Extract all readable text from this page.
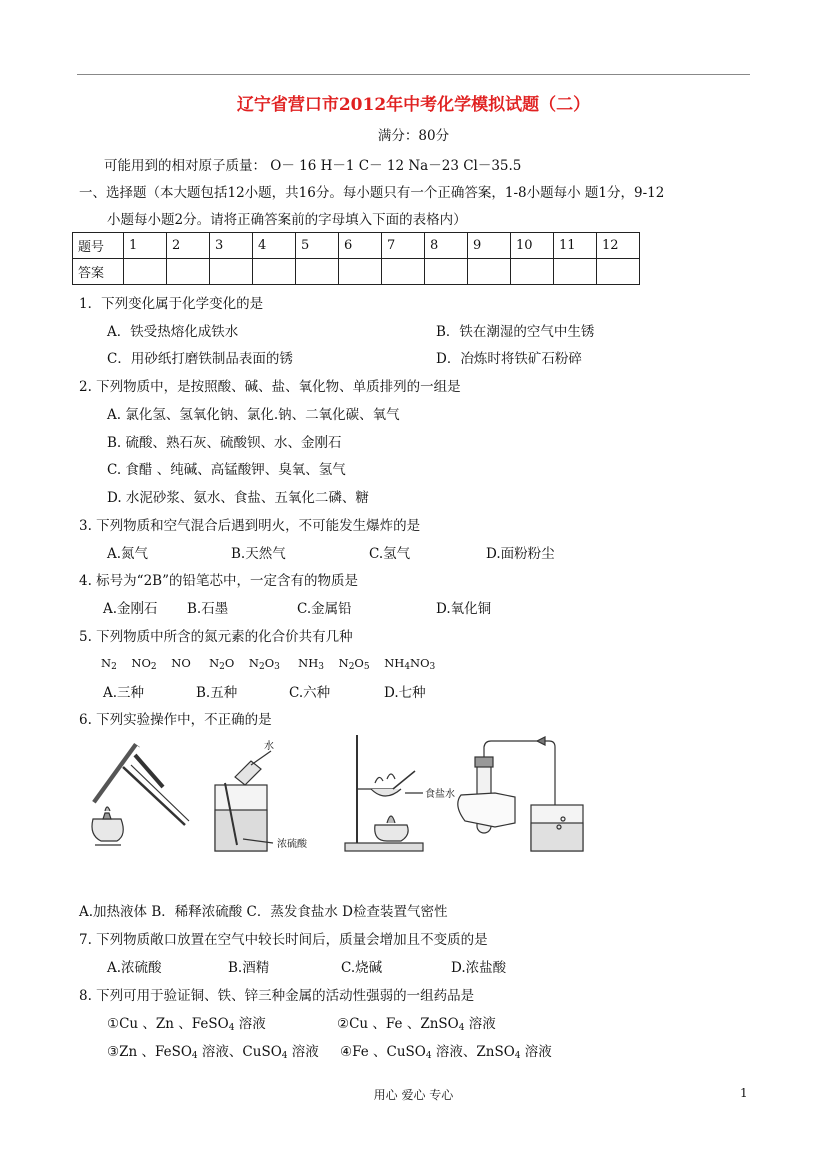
辽宁省营口市2012年中考化学模拟试题（二）
满分：80分
可能用到的相对原子质量： O－ 16 H－1 C－ 12 Na－23 Cl－35.5
一、选择题（本大题包括12小题，共16分。每小题只有一个正确答案，1-8小题每小 题1分，9-12
小题每小题2分。请将正确答案前的字母填入下面的表格内）
题号	1	2	3	4	5	6	7	8	9	10	11	12
答案												
1．下列变化属于化学变化的是
A．铁受热熔化成铁水	B．铁在潮湿的空气中生锈
C．用砂纸打磨铁制品表面的锈	D．冶炼时将铁矿石粉碎
2. 下列物质中，是按照酸、碱、盐、氧化物、单质排列的一组是
A. 氯化氢、氢氧化钠、氯化.钠、二氧化碳、氧气
B. 硫酸、熟石灰、硫酸钡、水、金刚石
C. 食醋 、纯碱、高锰酸钾、臭氧、氢气
D. 水泥砂浆、氨水、食盐、五氧化二磷、糖
3. 下列物质和空气混合后遇到明火，不可能发生爆炸的是
A.氮气	B.天然气	C.氢气	D.面粉粉尘
4. 标号为“2B”的铅笔芯中，一定含有的物质是
A.金刚石 B.石墨	C.金属铅	D.氧化铜
5. 下列物质中所含的氮元素的化合价共有几种
$N_2$ $NO_2$ NO $N_2O$ $N_2O_3$ $NH_3$ $N_2O_5$ $NH_4NO_3$
A.三种	B.五种	C.六种	D.七种
6. 下列实验操作中，不正确的是
水
浓硫酸
食盐水
A.加热液体 B．稀释浓硫酸 C．蒸发食盐水 D检查装置气密性
7. 下列物质敞口放置在空气中较长时间后，质量会增加且不变质的是
A.浓硫酸	B.酒精	C.烧碱	D.浓盐酸
8. 下列可用于验证铜、铁、锌三种金属的活动性强弱的一组药品是
①Cu 、Zn 、FeSO$_4$ 溶液	②Cu 、Fe 、ZnSO$_4$ 溶液
③Zn 、FeSO$_4$ 溶液、CuSO$_4$ 溶液 ④Fe 、CuSO$_4$ 溶液、ZnSO$_4$ 溶液
用心 爱心 专心	1
